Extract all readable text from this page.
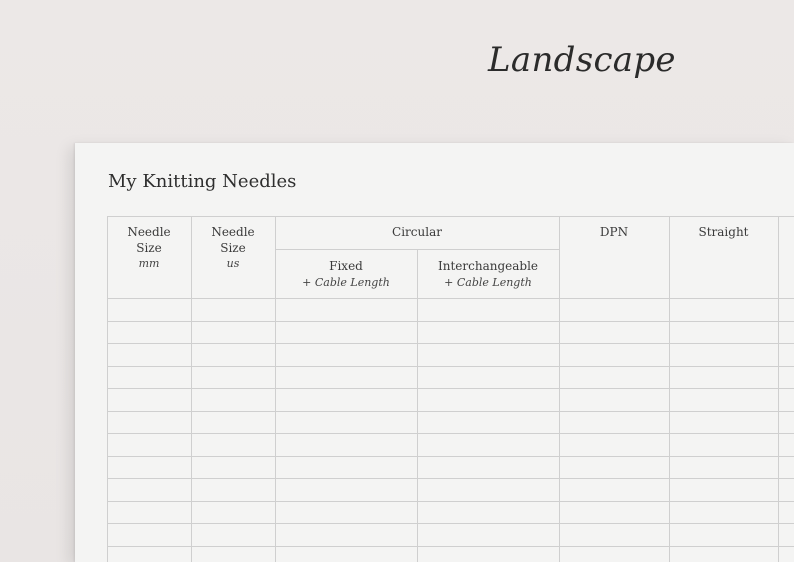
Landscape
My Knitting Needles
Needle
Size
mm
Needle
Size
us
Circular
Fixed
+ Cable Length
Interchangeable
+ Cable Length
DPN	Straight
